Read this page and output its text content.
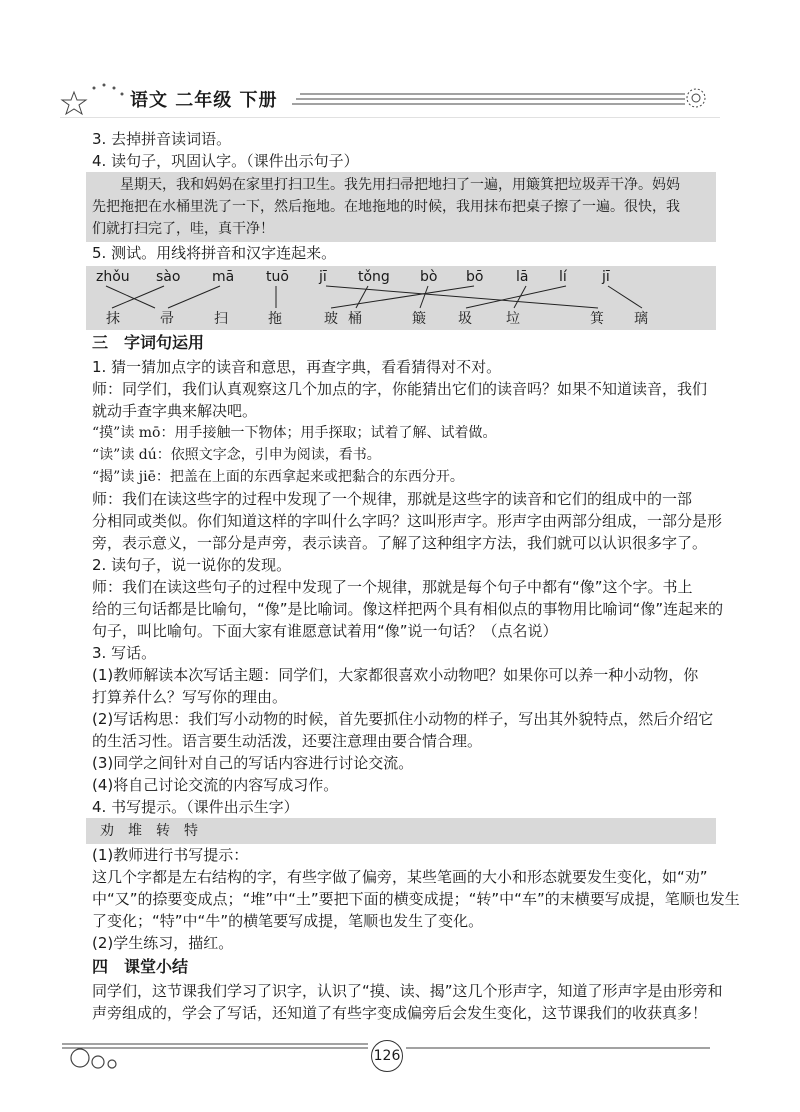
语文 二年级 下册

3. 去掉拼音读词语。

4. 读句子，巩固认字。（课件出示句子）

星期天，我和妈妈在家里打扫卫生。我先用扫帚把地扫了一遍，用簸箕把垃圾弄干净。妈妈

先把拖把在水桶里洗了一下，然后拖地。在地拖地的时候，我用抹布把桌子擦了一遍。很快，我

们就打扫完了，哇，真干净！

5. 测试。用线将拼音和汉字连起来。

zhǒu sào mā tuō jī tǒng bò bō lā lí	jī
抹	帚	扫	拖	玻 桶	簸 圾 垃	箕 璃

三　字词句运用

1. 猜一猜加点字的读音和意思，再查字典，看看猜得对不对。

师：同学们，我们认真观察这几个加点的字，你能猜出它们的读音吗？如果不知道读音，我们

就动手查字典来解决吧。

“摸”读 mō：用手接触一下物体；用手探取；试着了解、试着做。

“读”读 dú：依照文字念，引申为阅读，看书。

“揭”读 jiē：把盖在上面的东西拿起来或把黏合的东西分开。

师：我们在读这些字的过程中发现了一个规律，那就是这些字的读音和它们的组成中的一部

分相同或类似。你们知道这样的字叫什么字吗？这叫形声字。形声字由两部分组成，一部分是形

旁，表示意义，一部分是声旁，表示读音。了解了这种组字方法，我们就可以认识很多字了。

2. 读句子，说一说你的发现。

师：我们在读这些句子的过程中发现了一个规律，那就是每个句子中都有“像”这个字。书上

给的三句话都是比喻句，“像”是比喻词。像这样把两个具有相似点的事物用比喻词“像”连起来的

句子，叫比喻句。下面大家有谁愿意试着用“像”说一句话？（点名说）

3. 写话。

(1)教师解读本次写话主题：同学们，大家都很喜欢小动物吧？如果你可以养一种小动物，你

打算养什么？写写你的理由。

(2)写话构思：我们写小动物的时候，首先要抓住小动物的样子，写出其外貌特点，然后介绍它

的生活习性。语言要生动活泼，还要注意理由要合情合理。

(3)同学之间针对自己的写话内容进行讨论交流。

(4)将自己讨论交流的内容写成习作。

4. 书写提示。（课件出示生字）

劝　堆　转　特

(1)教师进行书写提示：

这几个字都是左右结构的字，有些字做了偏旁，某些笔画的大小和形态就要发生变化，如“劝”

中“又”的捺要变成点；“堆”中“土”要把下面的横变成提；“转”中“车”的末横要写成提，笔顺也发生

了变化；“特”中“牛”的横笔要写成提，笔顺也发生了变化。

(2)学生练习，描红。

四　课堂小结

同学们，这节课我们学习了识字，认识了“摸、读、揭”这几个形声字，知道了形声字是由形旁和

声旁组成的，学会了写话，还知道了有些字变成偏旁后会发生变化，这节课我们的收获真多！

126
